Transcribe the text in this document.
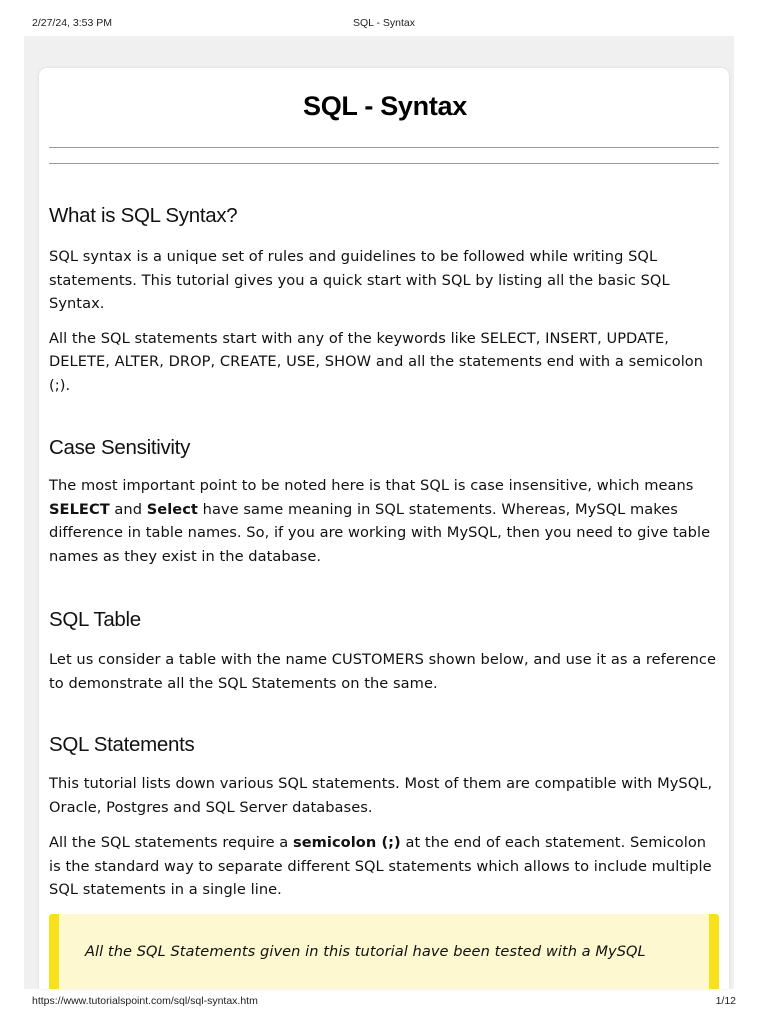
2/27/24, 3:53 PM	SQL - Syntax
SQL - Syntax
What is SQL Syntax?

SQL syntax is a unique set of rules and guidelines to be followed while writing SQL statements. This tutorial gives you a quick start with SQL by listing all the basic SQL Syntax.

All the SQL statements start with any of the keywords like SELECT, INSERT, UPDATE, DELETE, ALTER, DROP, CREATE, USE, SHOW and all the statements end with a semicolon (;).

Case Sensitivity

The most important point to be noted here is that SQL is case insensitive, which means SELECT and Select have same meaning in SQL statements. Whereas, MySQL makes difference in table names. So, if you are working with MySQL, then you need to give table names as they exist in the database.

SQL Table

Let us consider a table with the name CUSTOMERS shown below, and use it as a reference to demonstrate all the SQL Statements on the same.

SQL Statements

This tutorial lists down various SQL statements. Most of them are compatible with MySQL, Oracle, Postgres and SQL Server databases.

All the SQL statements require a semicolon (;) at the end of each statement. Semicolon is the standard way to separate different SQL statements which allows to include multiple SQL statements in a single line.

All the SQL Statements given in this tutorial have been tested with a MySQL

https://www.tutorialspoint.com/sql/sql-syntax.htm	1/12
